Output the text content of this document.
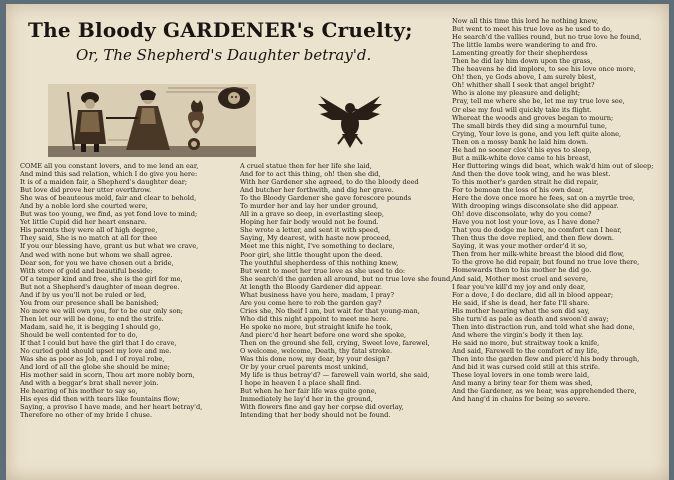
The Bloody GARDENER's Cruelty;
Or, The Shepherd's Daughter betray'd.
COME all you constant lovers, and to me lend an ear,
And mind this sad relation, which I do give you here:
It is of a maiden fair, a Shepherd's daughter dear;
But love did prove her utter overthrow.
She was of beauteous mold, fair and clear to behold,
And by a noble lord she courted were,
But was too young, we find, as yet fond love to mind;
Yet little Cupid did her heart ensnare.
His parents they were all of high degree,
They said, She is no match at all for thee
If you our blessing have, grant us but what we crave,
And wed with none but whom we shall agree.
Dear son, for you we have chosen out a bride,
With store of gold and beautiful beside;
Of a temper kind and free, she is the girl for me,
But not a Shepherd's daughter of mean degree.
And if by us you'll not be ruled or led,
You from our presence shall be banished;
No more we will own you, for to be our only son;
Then let our will be done, to end the strife.
Madam, said he, it is begging I should go,
Should be well contented for to do,
If that I could but have the girl that I do crave,
No curled gold should upset my love and me.
Was she as poor as Job, and I of royal robe,
And lord of all the globe she should be mine;
His mother said in scorn, Thou art more nobly born,
And with a beggar's brat shall never join.
He hearing of his mother to say so,
His eyes did then with tears like fountains flow;
Saying, a proviso I have made, and her heart betray'd,
Therefore no other of my bride I chuse.
A cruel statue then for her life she laid,
And for to act this thing, oh! then she did,
With her Gardener she agreed, to do the bloody deed
And butcher her forthwith, and dig her grave.
To the Bloody Gardener she gave forescore pounds
To murder her and lay her under ground,
All in a grave so deep, in everlasting sleep,
Hoping her fair body would not be found.
She wrote a letter, and sent it with speed,
Saying, My dearest, with haste now proceed,
Meet me this night, I've something to declare,
Poor girl, she little thought upon the deed.
The youthful shepherdess of this nothing knew,
But went to meet her true love as she used to do:
She search'd the garden all around, but no true love she found,
At length the Bloody Gardener did appear.
What business have you here, madam, I pray?
Are you come here to rob the garden gay?
Cries she, No theif I am, but wait for that young-man,
Who did this night appoint to meet me here.
He spoke no more, but straight knife he took,
And pierc'd her heart before one word she spoke,
Then on the ground she fell, crying, Sweet love, farewel,
O welcome, welcome, Death, thy fatal stroke.
Was this done now, my dear, by your design?
Or by your cruel parents most unkind,
My life is thus betray'd? — farewell vain world, she said,
I hope in heaven I a place shall find.
But when he her fair life was quite gone,
Immediately he lay'd her in the ground,
With flowers fine and gay her corpse did overlay,
Intending that her body should not be found.
Now all this time this lord he nothing knew,
But went to meet his true love as he used to do,
He search'd the vallies round, but no true love he found,
The little lambs were wandering to and fro.
Lamenting greatly for their shepherdess
Then he did lay him down upon the grass,
The heavens he did implore, to see his love once more,
Oh! then, ye Gods above, I am surely blest,
Oh! whither shall I seek that angel bright?
Who is alone my pleasure and delight;
Pray, tell me where she be, let me my true love see,
Or else my foul will quickly take its flight.
Whereat the woods and groves began to mourn;
The small birds they did sing a mournful tune,
Crying, Your love is gone, and you left quite alone,
Then on a mossy bank he laid him down.
He had no sooner clos'd his eyes to sleep,
But a milk-white dove came to his breast,
Her fluttering wings did beat, which wak'd him out of sleep;
And then the dove took wing, and he was blest.
To this mother's garden strait he did repair,
For to bemoan the loss of his own dear,
Here the dove once more he fees, sat on a myrtle tree,
With drooping wings disconsolate she did appear.
Oh! dove disconsolate, why do you come?
Have you not lost your love, as I have done?
That you do dodge me here, no comfort can I hear,
Then thus the dove replied, and then flew down.
Saying, it was your mother order'd it so,
Then from her milk-white breast the blood did flow,
To the grove he did repair, but found no true love there,
Homewards then to his mother he did go.
And said, Mother most cruel and severe,
I fear you've kill'd my joy and only dear,
For a dove, I do declare, did all in blood appear;
He said, if she is dead, her fate I'll share.
His mother hearing what the son did say,
She turn'd as pale as death and swoon'd away;
Then into distraction run, and told what she had done,
And where the virgin's body it then lay.
He said no more, but straitway took a knife,
And said, Farewell to the comfort of my life,
Then into the garden flew and pierc'd his body through,
And bid it was cursed cold still at this strife.
These loyal lovers in one tomb were laid,
And many a briny tear for them was shed,
And the Gardener, as we hear, was apprehended there,
And hang'd in chains for being so severe.
